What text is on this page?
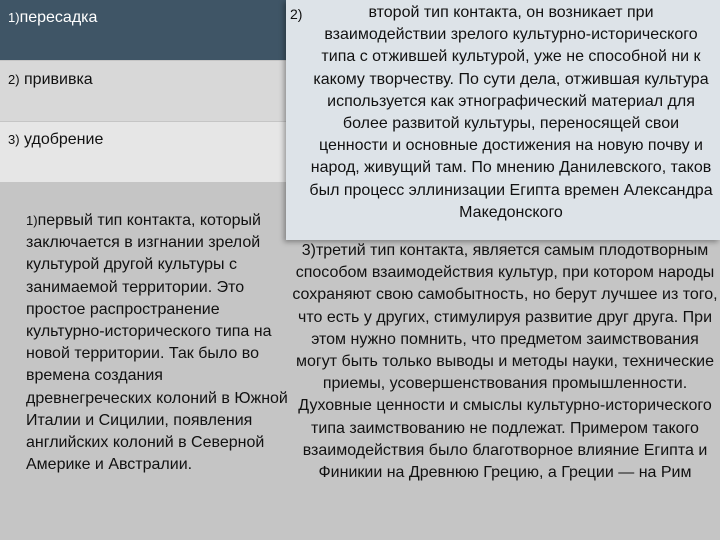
1)пересадка
2) прививка
3) удобрение
2)	второй тип контакта, он возникает при взаимодействии зрелого культурно-исторического типа с отжившей культурой, уже не способной ни к какому творчеству. По сути дела, отжившая культура используется как этнографический материал для более развитой культуры, переносящей свои ценности и основные достижения на новую почву и народ, живущий там. По мнению Данилевского, таков был процесс эллинизации Египта времен Александра Македонского
1)первый тип контакта, который заключается в изгнании зрелой культурой другой культуры с занимаемой территории. Это простое распространение культурно-исторического типа на новой территории. Так было во времена создания древнегреческих колоний в Южной Италии и Сицилии, появления английских колоний в Северной Америке и Австралии.
3)третий тип контакта, является самым плодотворным способом взаимодействия культур, при котором народы сохраняют свою самобытность, но берут лучшее из того, что есть у других, стимулируя развитие друг друга. При этом нужно помнить, что предметом заимствования могут быть только выводы и методы науки, технические приемы, усовершенствования промышленности. Духовные ценности и смыслы культурно-исторического типа заимствованию не подлежат. Примером такого взаимодействия было благотворное влияние Египта и Финикии на Древнюю Грецию, а Греции — на Рим
